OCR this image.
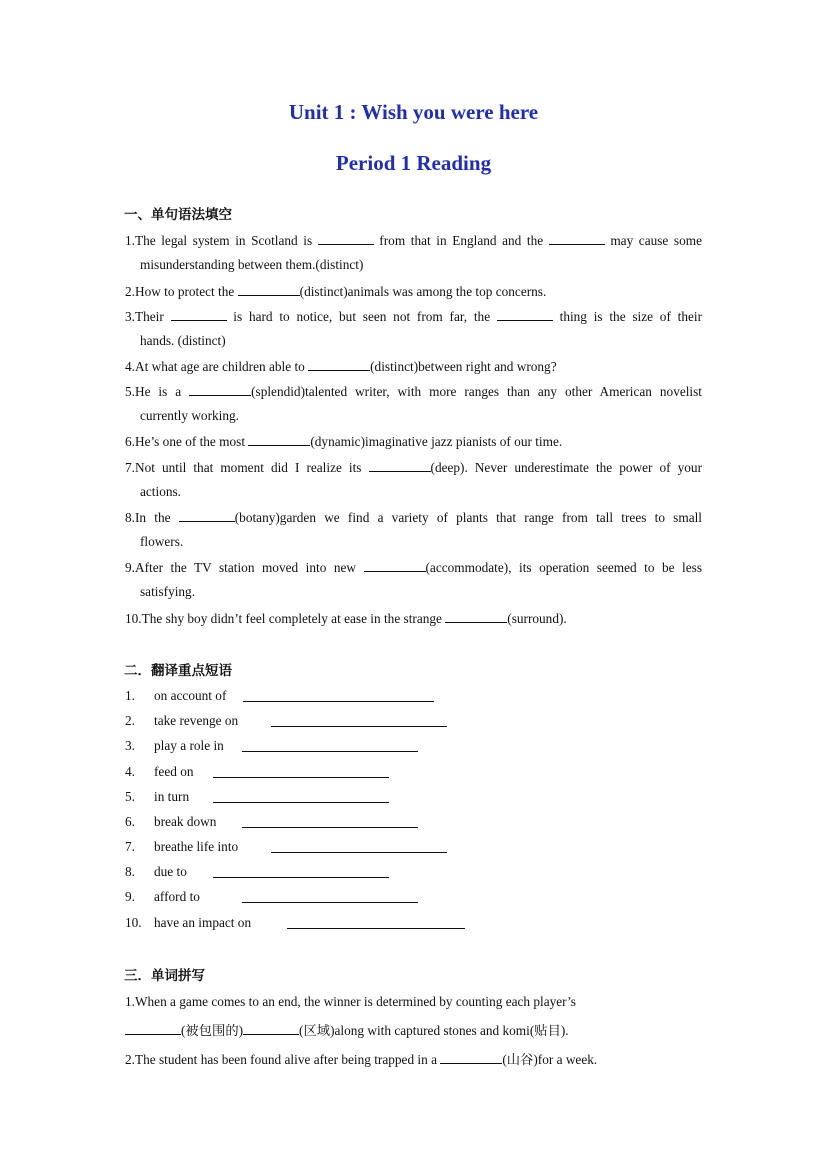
Unit 1 : Wish you were here
Period 1 Reading
一、单句语法填空
1.The legal system in Scotland is	from that in England and the	may cause some
misunderstanding between them.(distinct)
2.How to protect the	(distinct)animals was among the top concerns.
3.Their	is hard to notice, but seen not from far, the	thing is the size of their
hands. (distinct)
4.At what age are children able to	(distinct)between right and wrong?
5.He is a	(splendid)talented writer, with more ranges than any other American novelist
currently working.
6.He’s one of the most	(dynamic)imaginative jazz pianists of our time.
7.Not until that moment did I realize its	(deep). Never underestimate the power of your
actions.
8.In the	(botany)garden we find a variety of plants that range from tall trees to small
flowers.
9.After the TV station moved into new	(accommodate), its operation seemed to be less
satisfying.
10.The shy boy didn’t feel completely at ease in the strange	(surround).
二．翻译重点短语
1. on account of
2. take revenge on
3. play a role in
4. feed on
5. in turn
6. break down
7. breathe life into
8. due to
9. afford to
10. have an impact on
三．单词拼写
1.When a game comes to an end, the winner is determined by counting each player’s
(被包围的)	(区域)along with captured stones and komi(贴目).
2.The student has been found alive after being trapped in a	(山谷)for a week.
